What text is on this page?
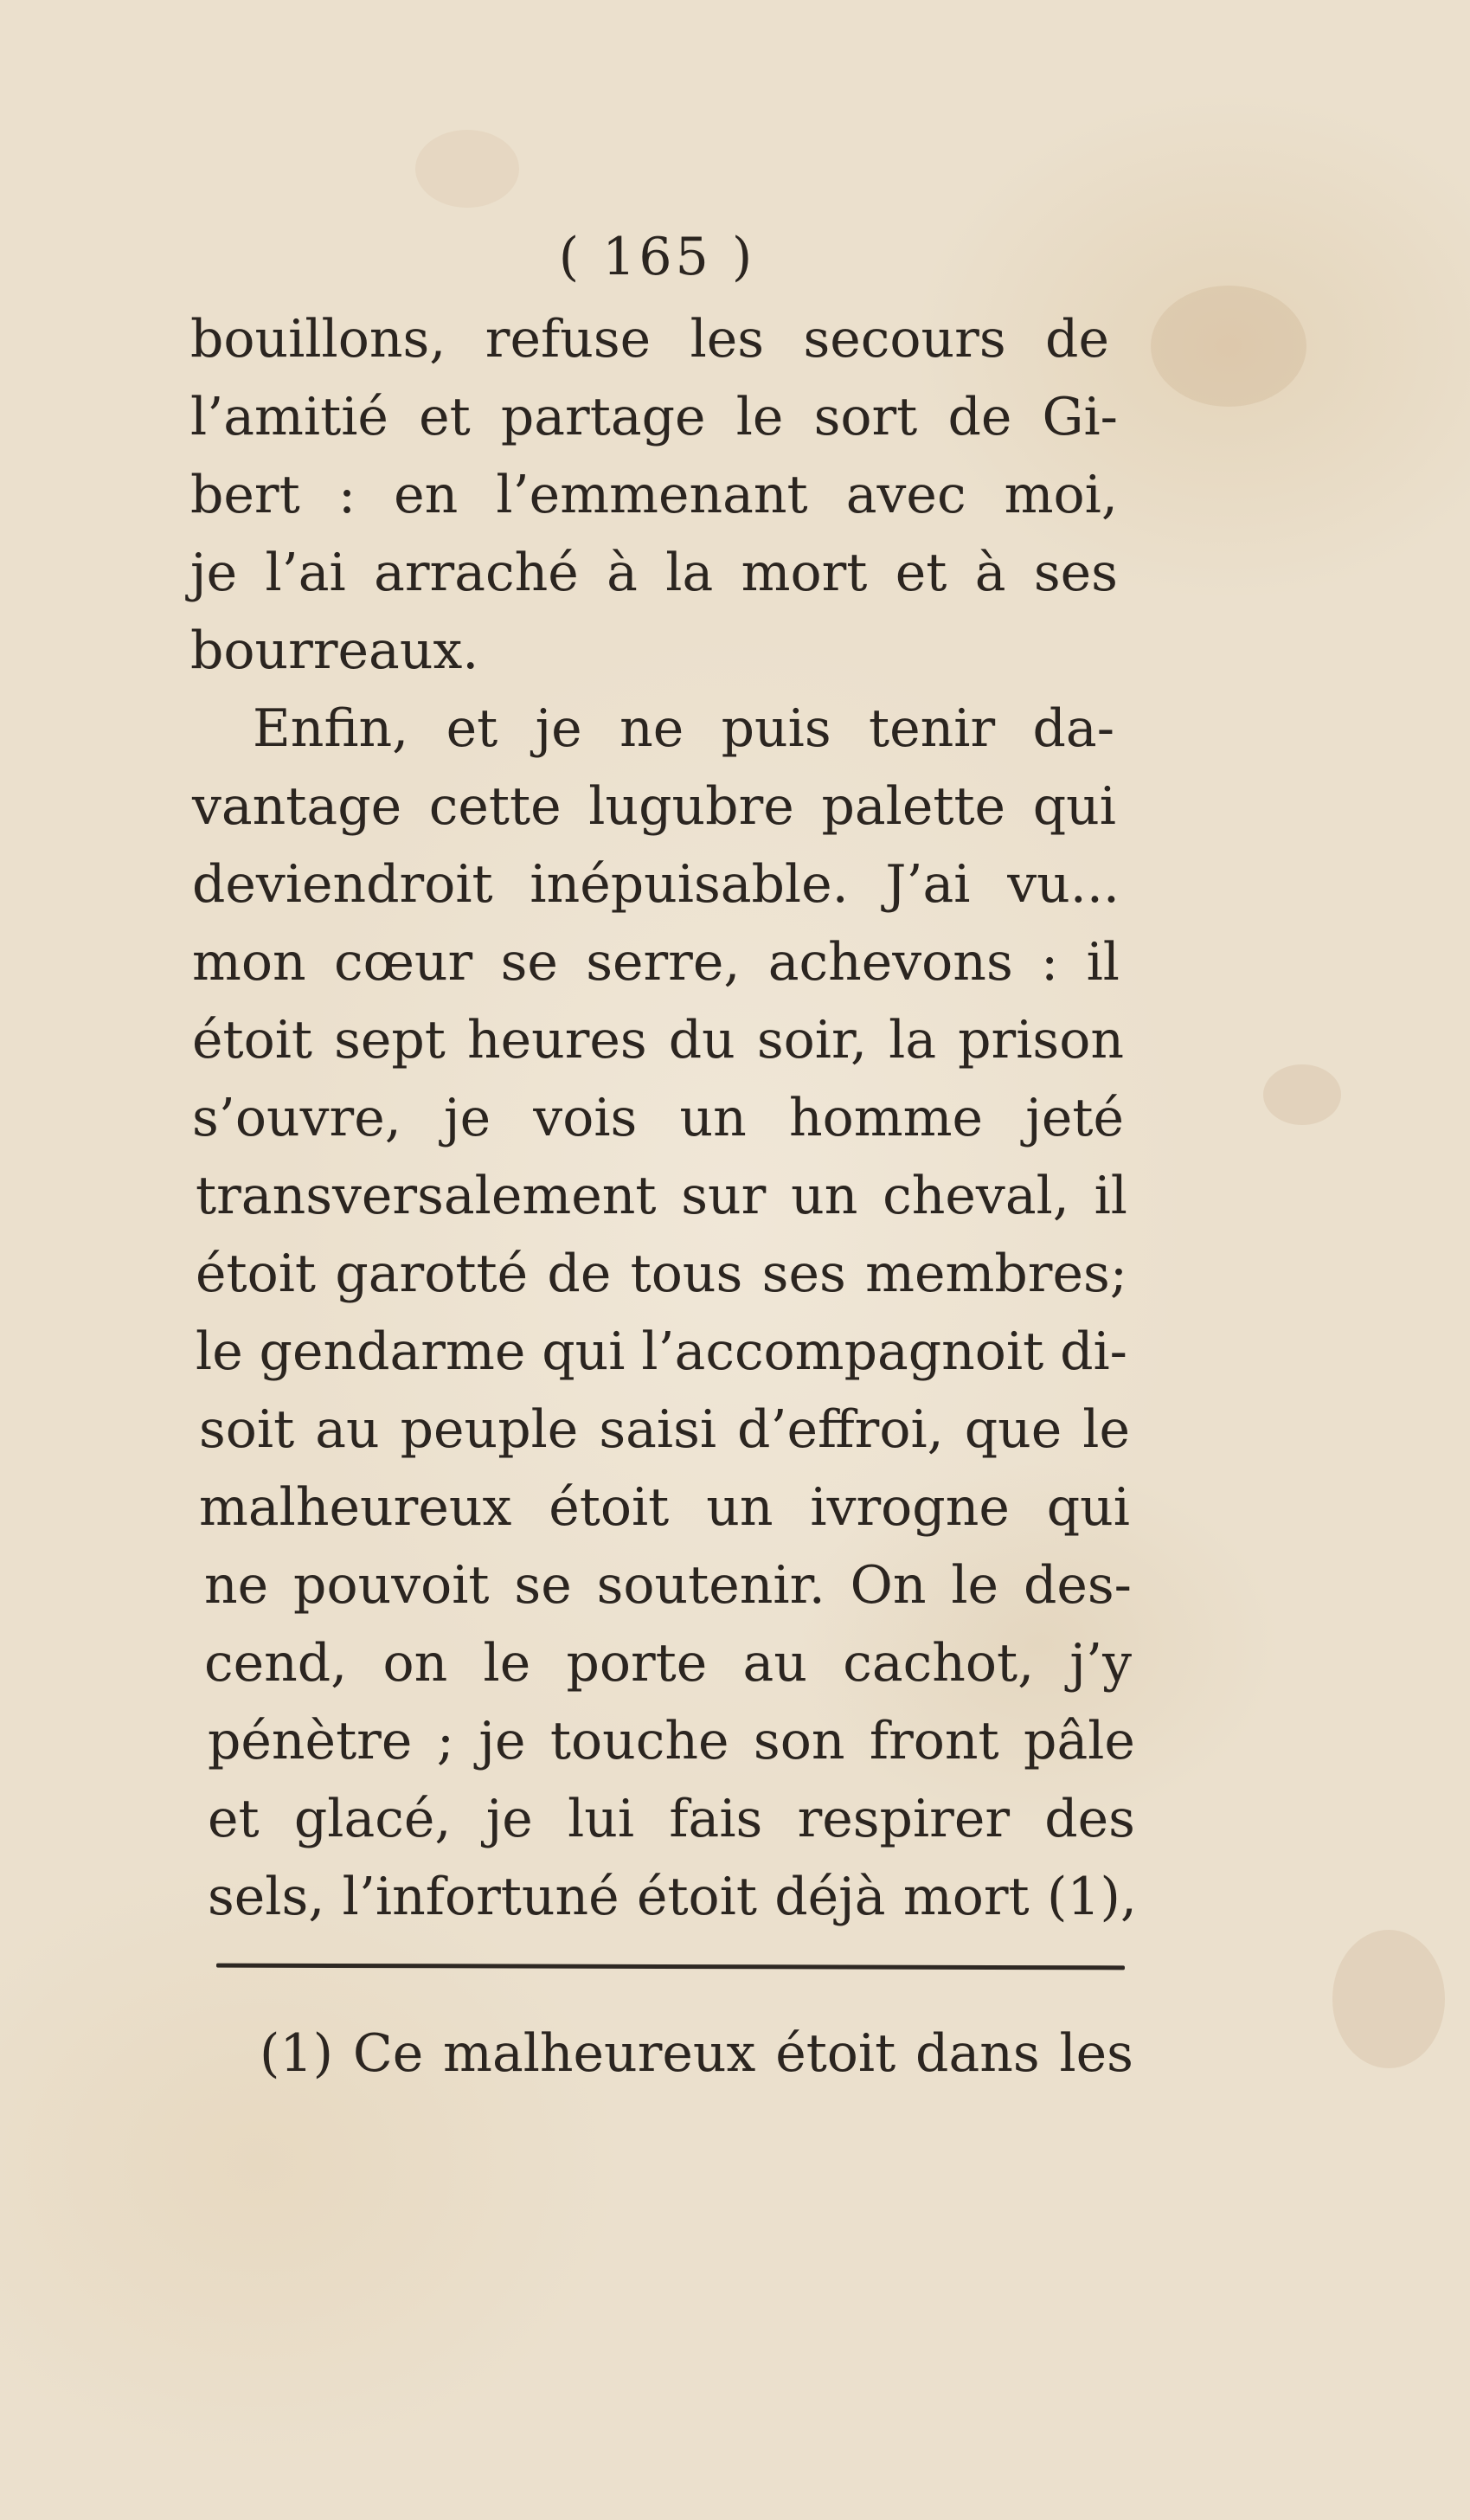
( 165 )
bouillons, refuse les secours de
l’amitié et partage le sort de Gi-
bert : en l’emmenant avec moi,
je l’ai arraché à la mort et à ses
bourreaux.
Enfin, et je ne puis tenir da-
vantage cette lugubre palette qui
deviendroit inépuisable. J’ai vu...
mon cœur se serre, achevons : il
étoit sept heures du soir, la prison
s’ouvre, je vois un homme jeté
transversalement sur un cheval, il
étoit garotté de tous ses membres;
le gendarme qui l’accompagnoit di-
soit au peuple saisi d’effroi, que le
malheureux étoit un ivrogne qui
ne pouvoit se soutenir. On le des-
cend, on le porte au cachot, j’y
pénètre ; je touche son front pâle
et glacé, je lui fais respirer des
sels, l’infortuné étoit déjà mort (1),
(1) Ce malheureux étoit dans les
